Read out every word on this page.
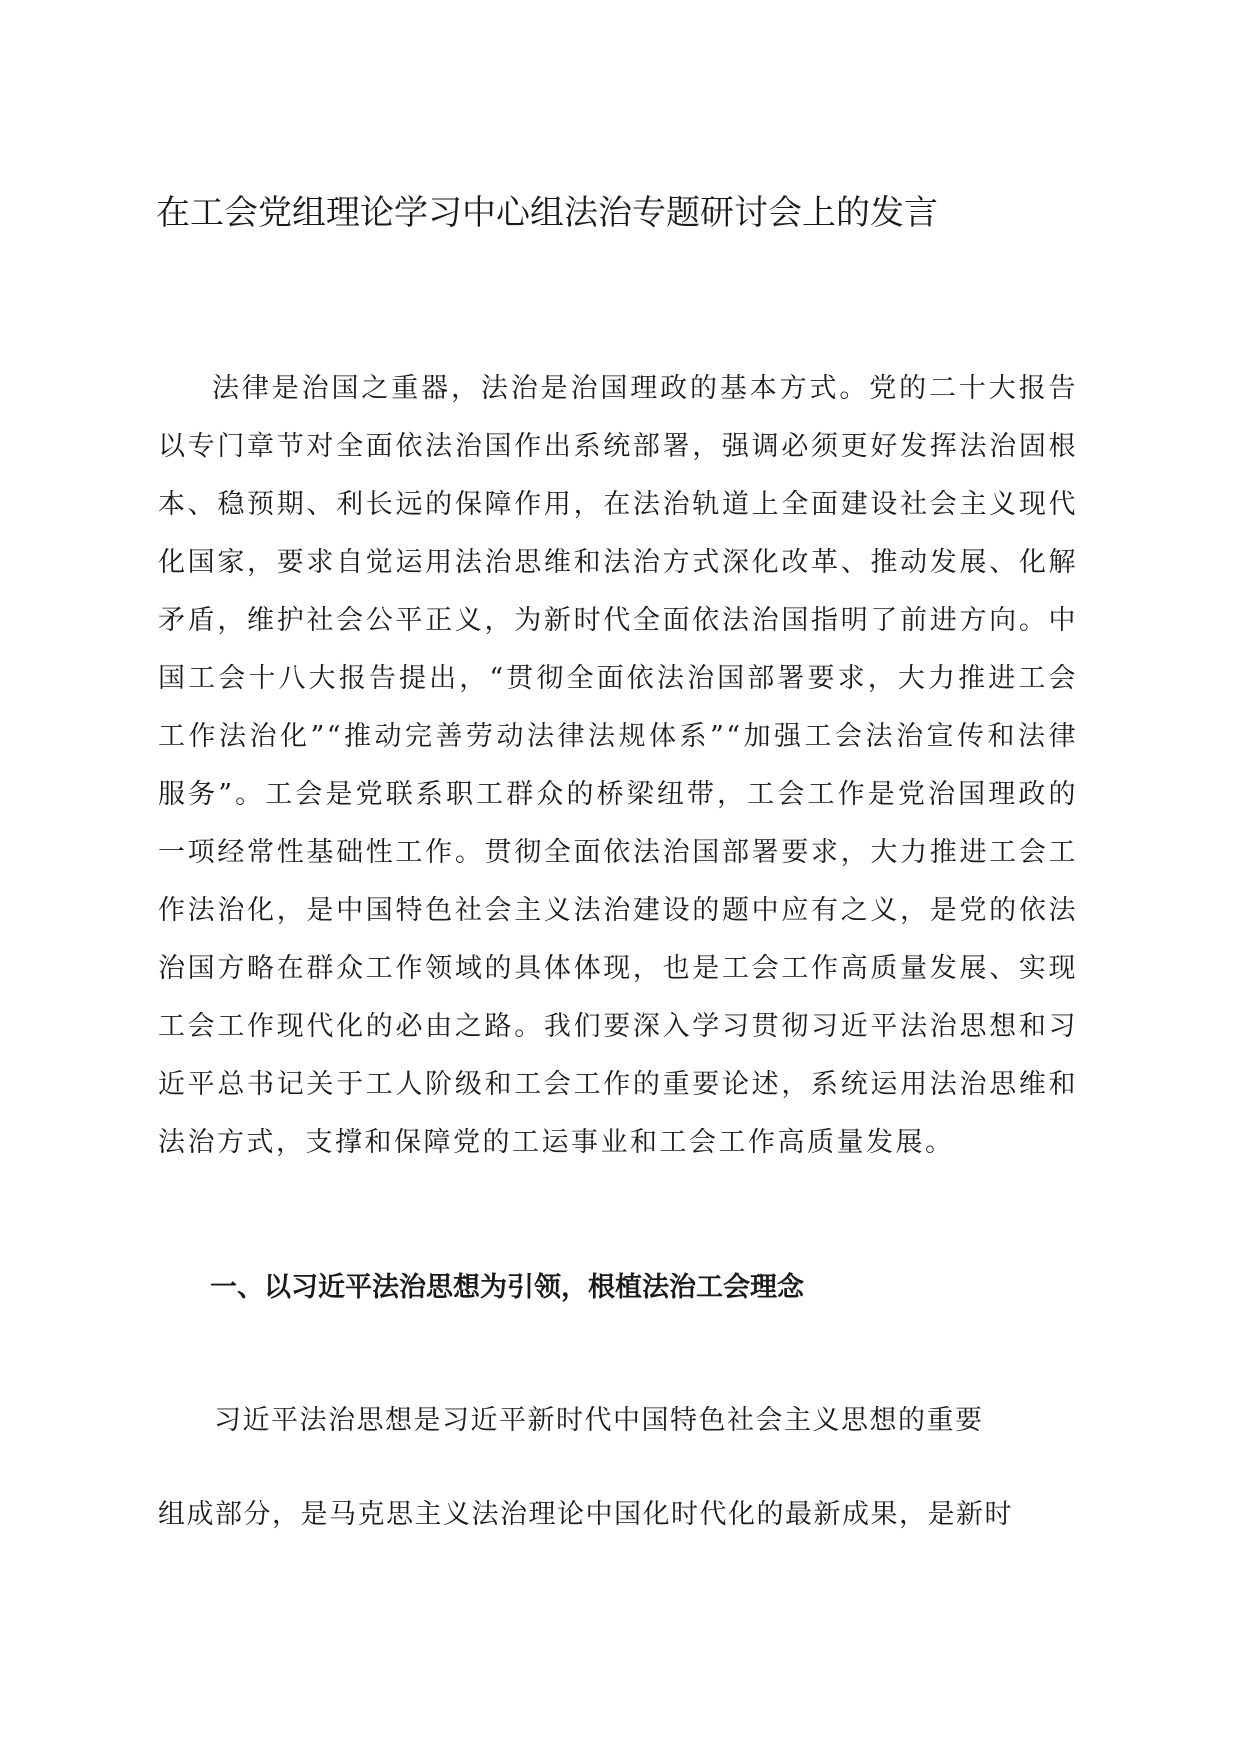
在工会党组理论学习中心组法治专题研讨会上的发言

法律是治国之重器，法治是治国理政的基本方式。党的二十大报告以专门章节对全面依法治国作出系统部署，强调必须更好发挥法治固根本、稳预期、利长远的保障作用，在法治轨道上全面建设社会主义现代化国家，要求自觉运用法治思维和法治方式深化改革、推动发展、化解矛盾，维护社会公平正义，为新时代全面依法治国指明了前进方向。中国工会十八大报告提出，“贯彻全面依法治国部署要求，大力推进工会工作法治化”“推动完善劳动法律法规体系”“加强工会法治宣传和法律服务”。工会是党联系职工群众的桥梁纽带，工会工作是党治国理政的一项经常性基础性工作。贯彻全面依法治国部署要求，大力推进工会工作法治化，是中国特色社会主义法治建设的题中应有之义，是党的依法治国方略在群众工作领域的具体体现，也是工会工作高质量发展、实现工会工作现代化的必由之路。我们要深入学习贯彻习近平法治思想和习近平总书记关于工人阶级和工会工作的重要论述，系统运用法治思维和法治方式，支撑和保障党的工运事业和工会工作高质量发展。

一、以习近平法治思想为引领，根植法治工会理念

习近平法治思想是习近平新时代中国特色社会主义思想的重要

组成部分，是马克思主义法治理论中国化时代化的最新成果，是新时
